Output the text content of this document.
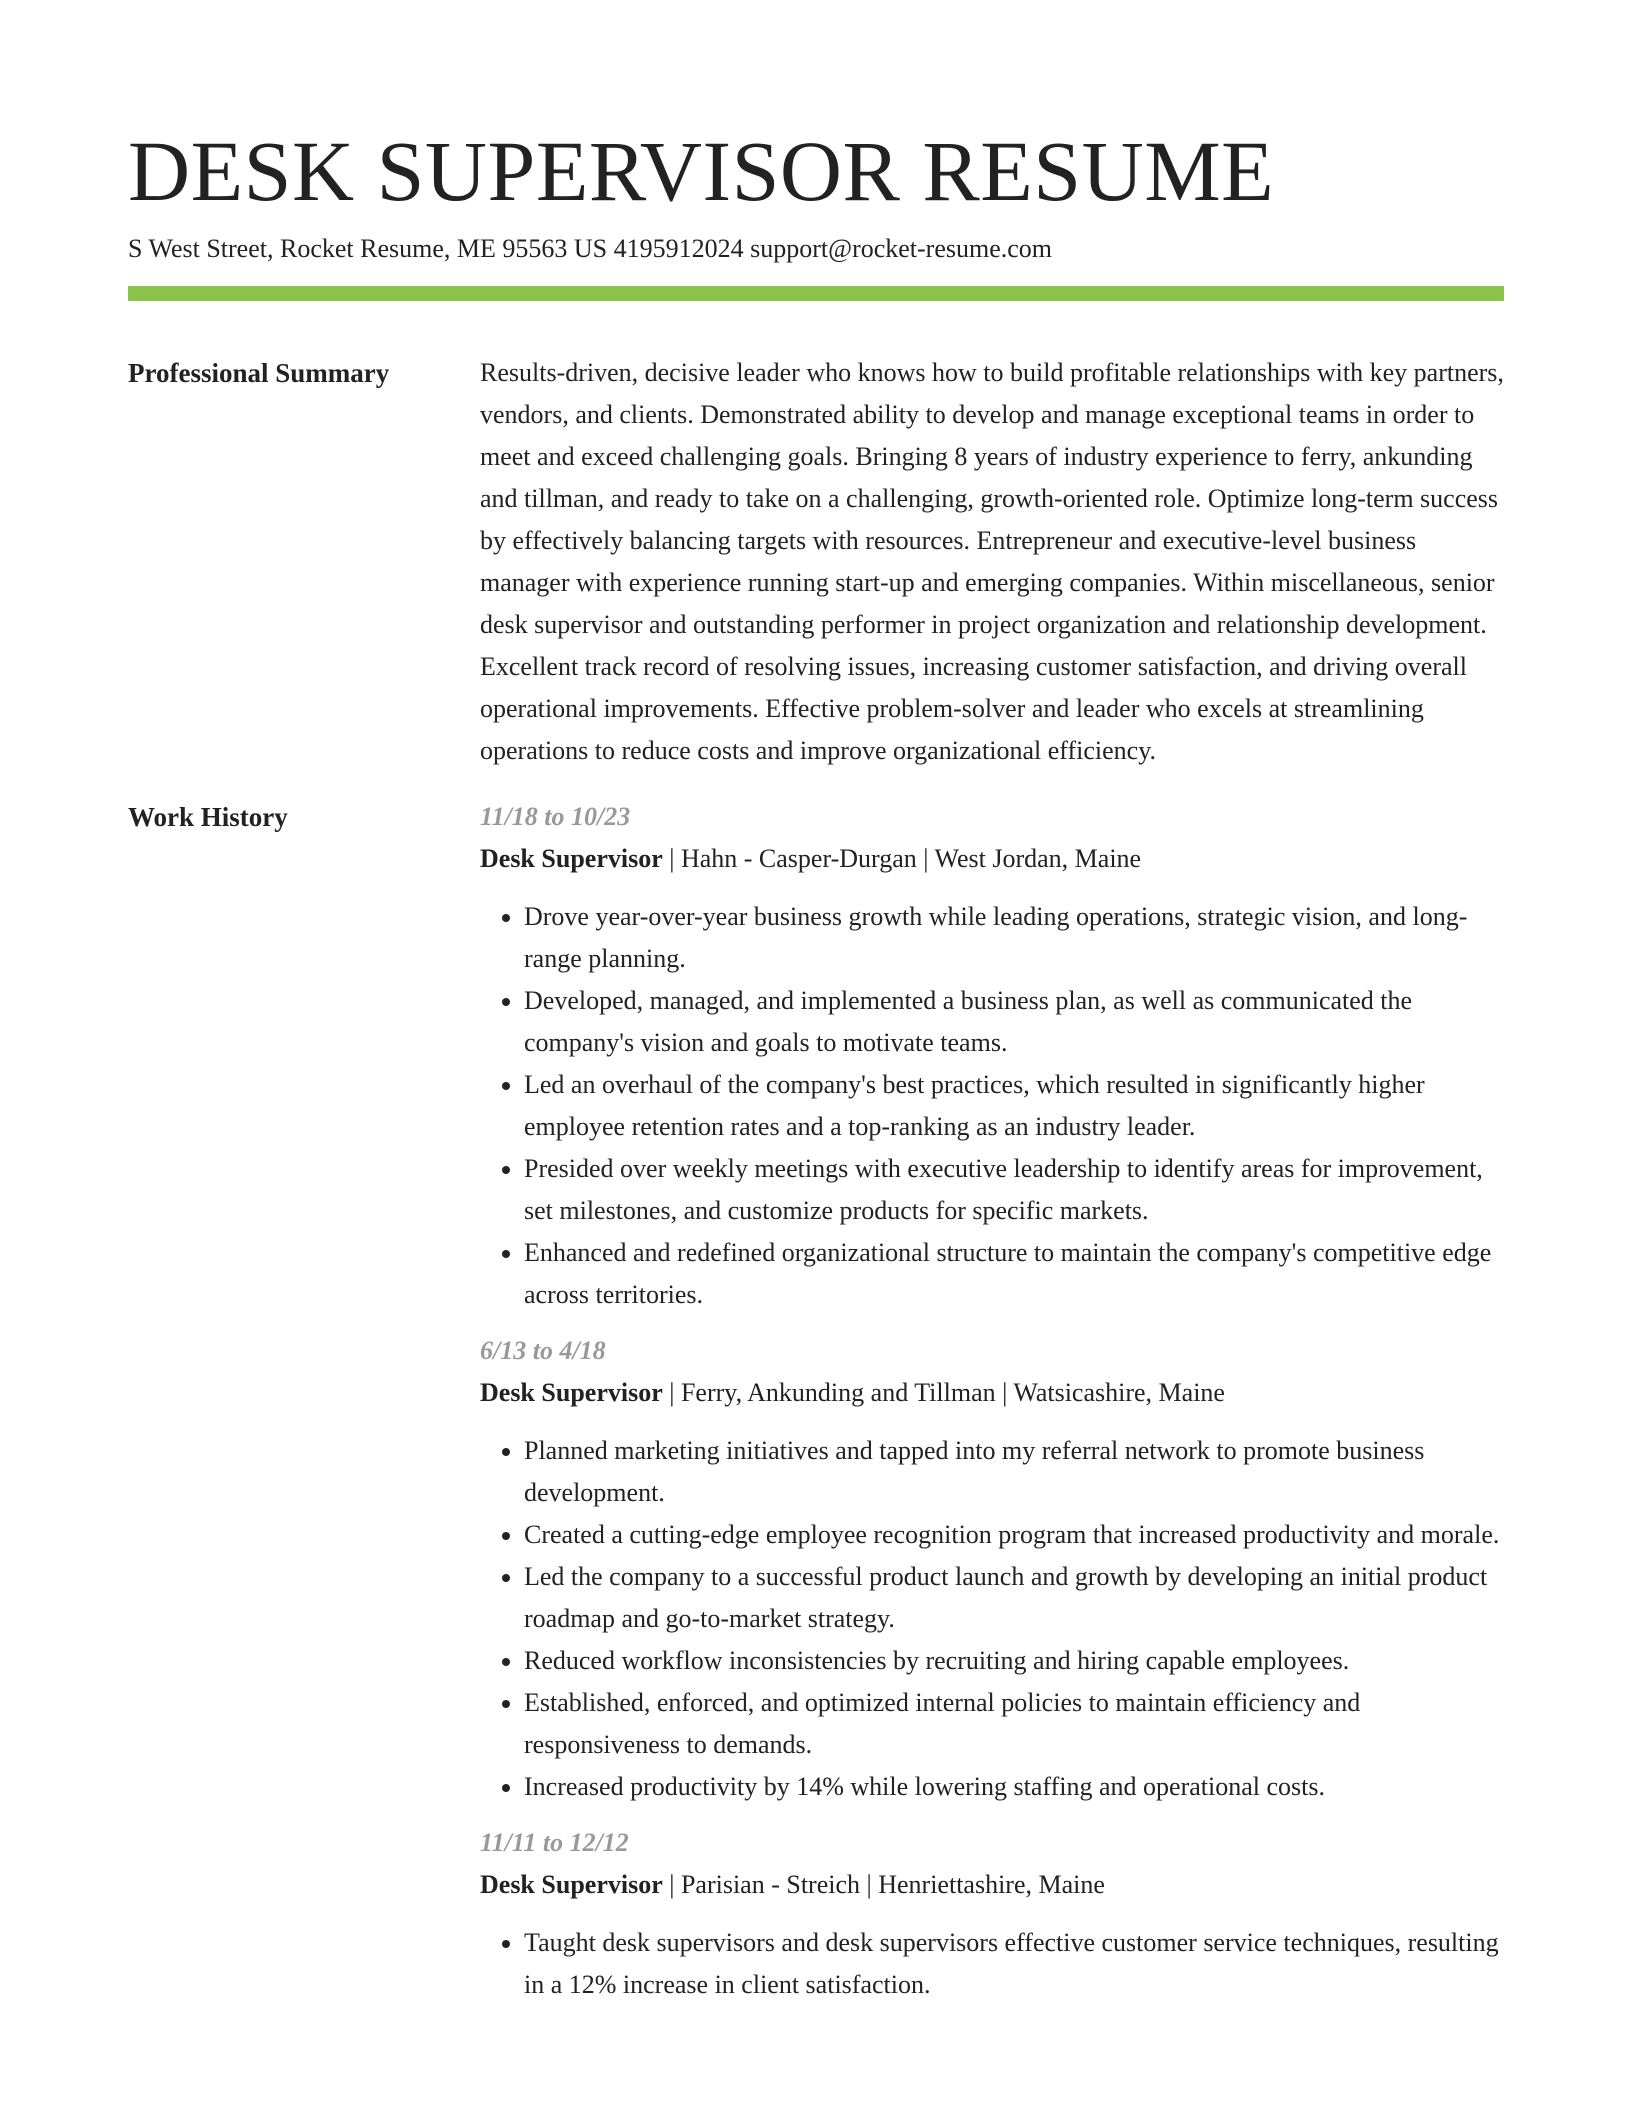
DESK SUPERVISOR RESUME
S West Street, Rocket Resume, ME 95563 US 4195912024 support@rocket-resume.com
Professional Summary	Results-driven, decisive leader who knows how to build profitable relationships with key partners, vendors, and clients. Demonstrated ability to develop and manage exceptional teams in order to meet and exceed challenging goals. Bringing 8 years of industry experience to ferry, ankunding and tillman, and ready to take on a challenging, growth-oriented role. Optimize long-term success by effectively balancing targets with resources. Entrepreneur and executive-level business manager with experience running start-up and emerging companies. Within miscellaneous, senior desk supervisor and outstanding performer in project organization and relationship development. Excellent track record of resolving issues, increasing customer satisfaction, and driving overall operational improvements. Effective problem-solver and leader who excels at streamlining operations to reduce costs and improve organizational efficiency.

Work History	11/18 to 10/23
Desk Supervisor | Hahn - Casper-Durgan | West Jordan, Maine
• Drove year-over-year business growth while leading operations, strategic vision, and long-range planning.
• Developed, managed, and implemented a business plan, as well as communicated the company's vision and goals to motivate teams.
• Led an overhaul of the company's best practices, which resulted in significantly higher employee retention rates and a top-ranking as an industry leader.
• Presided over weekly meetings with executive leadership to identify areas for improvement, set milestones, and customize products for specific markets.
• Enhanced and redefined organizational structure to maintain the company's competitive edge across territories.
6/13 to 4/18
Desk Supervisor | Ferry, Ankunding and Tillman | Watsicashire, Maine
• Planned marketing initiatives and tapped into my referral network to promote business development.
• Created a cutting-edge employee recognition program that increased productivity and morale.
• Led the company to a successful product launch and growth by developing an initial product roadmap and go-to-market strategy.
• Reduced workflow inconsistencies by recruiting and hiring capable employees.
• Established, enforced, and optimized internal policies to maintain efficiency and responsiveness to demands.
• Increased productivity by 14% while lowering staffing and operational costs.
11/11 to 12/12
Desk Supervisor | Parisian - Streich | Henriettashire, Maine
• Taught desk supervisors and desk supervisors effective customer service techniques, resulting in a 12% increase in client satisfaction.
